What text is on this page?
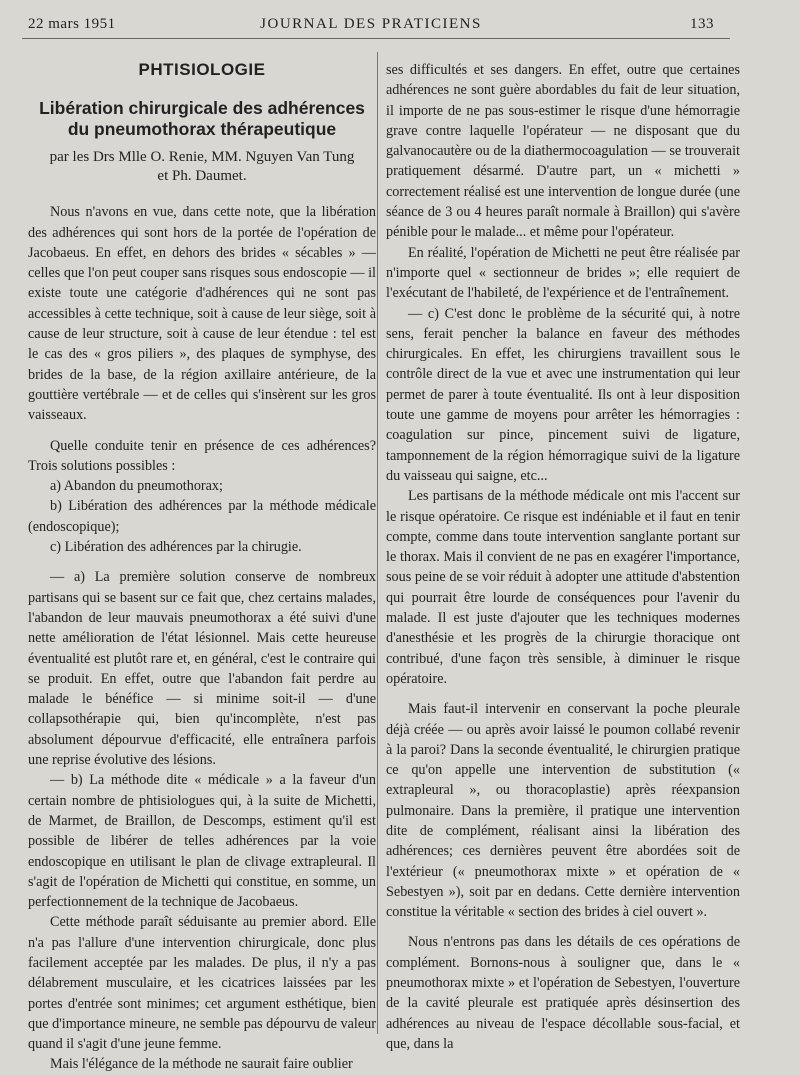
22 mars 1951	JOURNAL DES PRATICIENS	133
PHTISIOLOGIE
Libération chirurgicale des adhérences
du pneumothorax thérapeutique
par les Drs Mlle O. Renie, MM. Nguyen Van Tung
et Ph. Daumet.

Nous n'avons en vue, dans cette note, que la libération des adhérences qui sont hors de la portée de l'opération de Jacobaeus. En effet, en dehors des brides « sécables » — celles que l'on peut couper sans risques sous endoscopie — il existe toute une catégorie d'adhérences qui ne sont pas accessibles à cette technique, soit à cause de leur siège, soit à cause de leur structure, soit à cause de leur étendue : tel est le cas des « gros piliers », des plaques de symphyse, des brides de la base, de la région axillaire antérieure, de la gouttière vertébrale — et de celles qui s'insèrent sur les gros vaisseaux.

Quelle conduite tenir en présence de ces adhérences? Trois solutions possibles :

a) Abandon du pneumothorax;

b) Libération des adhérences par la méthode médicale (endoscopique);

c) Libération des adhérences par la chirugie.

— a) La première solution conserve de nombreux partisans qui se basent sur ce fait que, chez certains malades, l'abandon de leur mauvais pneumothorax a été suivi d'une nette amélioration de l'état lésionnel. Mais cette heureuse éventualité est plutôt rare et, en général, c'est le contraire qui se produit. En effet, outre que l'abandon fait perdre au malade le bénéfice — si minime soit-il — d'une collapsothérapie qui, bien qu'incomplète, n'est pas absolument dépourvue d'efficacité, elle entraînera parfois une reprise évolutive des lésions.

— b) La méthode dite « médicale » a la faveur d'un certain nombre de phtisiologues qui, à la suite de Michetti, de Marmet, de Braillon, de Descomps, estiment qu'il est possible de libérer de telles adhérences par la voie endoscopique en utilisant le plan de clivage extrapleural. Il s'agit de l'opération de Michetti qui constitue, en somme, un perfectionnement de la technique de Jacobaeus.

Cette méthode paraît séduisante au premier abord. Elle n'a pas l'allure d'une intervention chirurgicale, donc plus facilement acceptée par les malades. De plus, il n'y a pas délabrement musculaire, et les cicatrices laissées par les portes d'entrée sont minimes; cet argument esthétique, bien que d'importance mineure, ne semble pas dépourvu de valeur quand il s'agit d'une jeune femme.

Mais l'élégance de la méthode ne saurait faire oublier

ses difficultés et ses dangers. En effet, outre que certaines adhérences ne sont guère abordables du fait de leur situation, il importe de ne pas sous-estimer le risque d'une hémorragie grave contre laquelle l'opérateur — ne disposant que du galvanocautère ou de la diathermocoagulation — se trouverait pratiquement désarmé. D'autre part, un « michetti » correctement réalisé est une intervention de longue durée (une séance de 3 ou 4 heures paraît normale à Braillon) qui s'avère pénible pour le malade... et même pour l'opérateur.

En réalité, l'opération de Michetti ne peut être réalisée par n'importe quel « sectionneur de brides »; elle requiert de l'exécutant de l'habileté, de l'expérience et de l'entraînement.

— c) C'est donc le problème de la sécurité qui, à notre sens, ferait pencher la balance en faveur des méthodes chirurgicales. En effet, les chirurgiens travaillent sous le contrôle direct de la vue et avec une instrumentation qui leur permet de parer à toute éventualité. Ils ont à leur disposition toute une gamme de moyens pour arrêter les hémorragies : coagulation sur pince, pincement suivi de ligature, tamponnement de la région hémorragique suivi de la ligature du vaisseau qui saigne, etc...

Les partisans de la méthode médicale ont mis l'accent sur le risque opératoire. Ce risque est indéniable et il faut en tenir compte, comme dans toute intervention sanglante portant sur le thorax. Mais il convient de ne pas en exagérer l'importance, sous peine de se voir réduit à adopter une attitude d'abstention qui pourrait être lourde de conséquences pour l'avenir du malade. Il est juste d'ajouter que les techniques modernes d'anesthésie et les progrès de la chirurgie thoracique ont contribué, d'une façon très sensible, à diminuer le risque opératoire.

Mais faut-il intervenir en conservant la poche pleurale déjà créée — ou après avoir laissé le poumon collabé revenir à la paroi? Dans la seconde éventualité, le chirurgien pratique ce qu'on appelle une intervention de substitution (« extrapleural », ou thoracoplastie) après réexpansion pulmonaire. Dans la première, il pratique une intervention dite de complément, réalisant ainsi la libération des adhérences; ces dernières peuvent être abordées soit de l'extérieur (« pneumothorax mixte » et opération de « Sebestyen »), soit par en dedans. Cette dernière intervention constitue la véritable « section des brides à ciel ouvert ».

Nous n'entrons pas dans les détails de ces opérations de complément. Bornons-nous à souligner que, dans le « pneumothorax mixte » et l'opération de Sebestyen, l'ouverture de la cavité pleurale est pratiquée après désinsertion des adhérences au niveau de l'espace décollable sous-facial, et que, dans la
